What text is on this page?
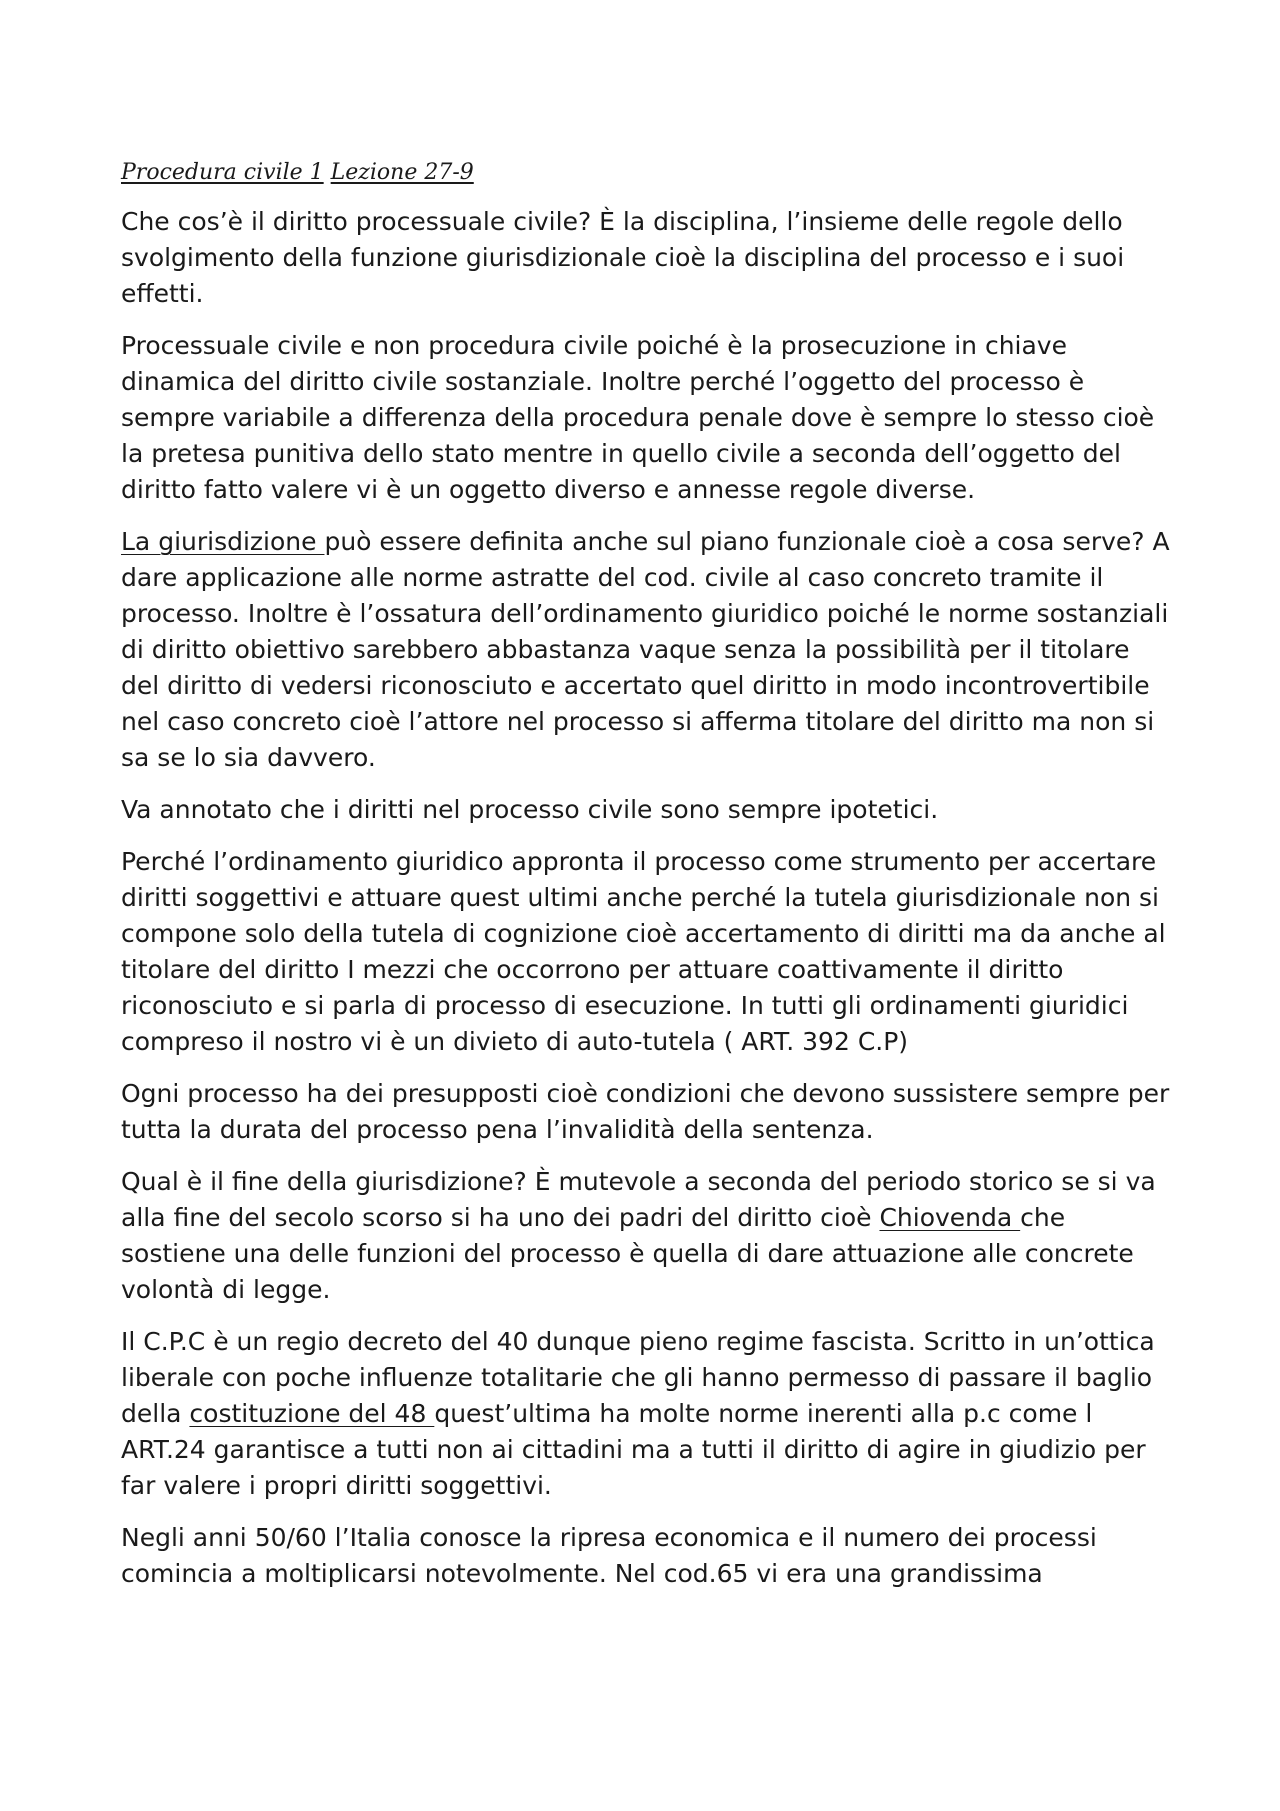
Procedura civile 1 Lezione 27-9

Che cos’è il diritto processuale civile? È la disciplina, l’insieme delle regole dello svolgimento della funzione giurisdizionale cioè la disciplina del processo e i suoi effetti.

Processuale civile e non procedura civile poiché è la prosecuzione in chiave dinamica del diritto civile sostanziale. Inoltre perché l’oggetto del processo è sempre variabile a differenza della procedura penale dove è sempre lo stesso cioè la pretesa punitiva dello stato mentre in quello civile a seconda dell’oggetto del diritto fatto valere vi è un oggetto diverso e annesse regole diverse.

La giurisdizione può essere definita anche sul piano funzionale cioè a cosa serve? A dare applicazione alle norme astratte del cod. civile al caso concreto tramite il processo. Inoltre è l’ossatura dell’ordinamento giuridico poiché le norme sostanziali di diritto obiettivo sarebbero abbastanza vaque senza la possibilità per il titolare del diritto di vedersi riconosciuto e accertato quel diritto in modo incontrovertibile nel caso concreto cioè l’attore nel processo si afferma titolare del diritto ma non si sa se lo sia davvero.

Va annotato che i diritti nel processo civile sono sempre ipotetici.

Perché l’ordinamento giuridico appronta il processo come strumento per accertare diritti soggettivi e attuare quest ultimi anche perché la tutela giurisdizionale non si compone solo della tutela di cognizione cioè accertamento di diritti ma da anche al titolare del diritto I mezzi che occorrono per attuare coattivamente il diritto riconosciuto e si parla di processo di esecuzione. In tutti gli ordinamenti giuridici compreso il nostro vi è un divieto di auto-tutela ( ART. 392 C.P)

Ogni processo ha dei presupposti cioè condizioni che devono sussistere sempre per tutta la durata del processo pena l’invalidità della sentenza.

Qual è il fine della giurisdizione? È mutevole a seconda del periodo storico se si va alla fine del secolo scorso si ha uno dei padri del diritto cioè Chiovenda che sostiene una delle funzioni del processo è quella di dare attuazione alle concrete volontà di legge.

Il C.P.C è un regio decreto del 40 dunque pieno regime fascista. Scritto in un’ottica liberale con poche influenze totalitarie che gli hanno permesso di passare il baglio della costituzione del 48 quest’ultima ha molte norme inerenti alla p.c come l ART.24 garantisce a tutti non ai cittadini ma a tutti il diritto di agire in giudizio per far valere i propri diritti soggettivi.

Negli anni 50/60 l’Italia conosce la ripresa economica e il numero dei processi comincia a moltiplicarsi notevolmente. Nel cod.65 vi era una grandissima
